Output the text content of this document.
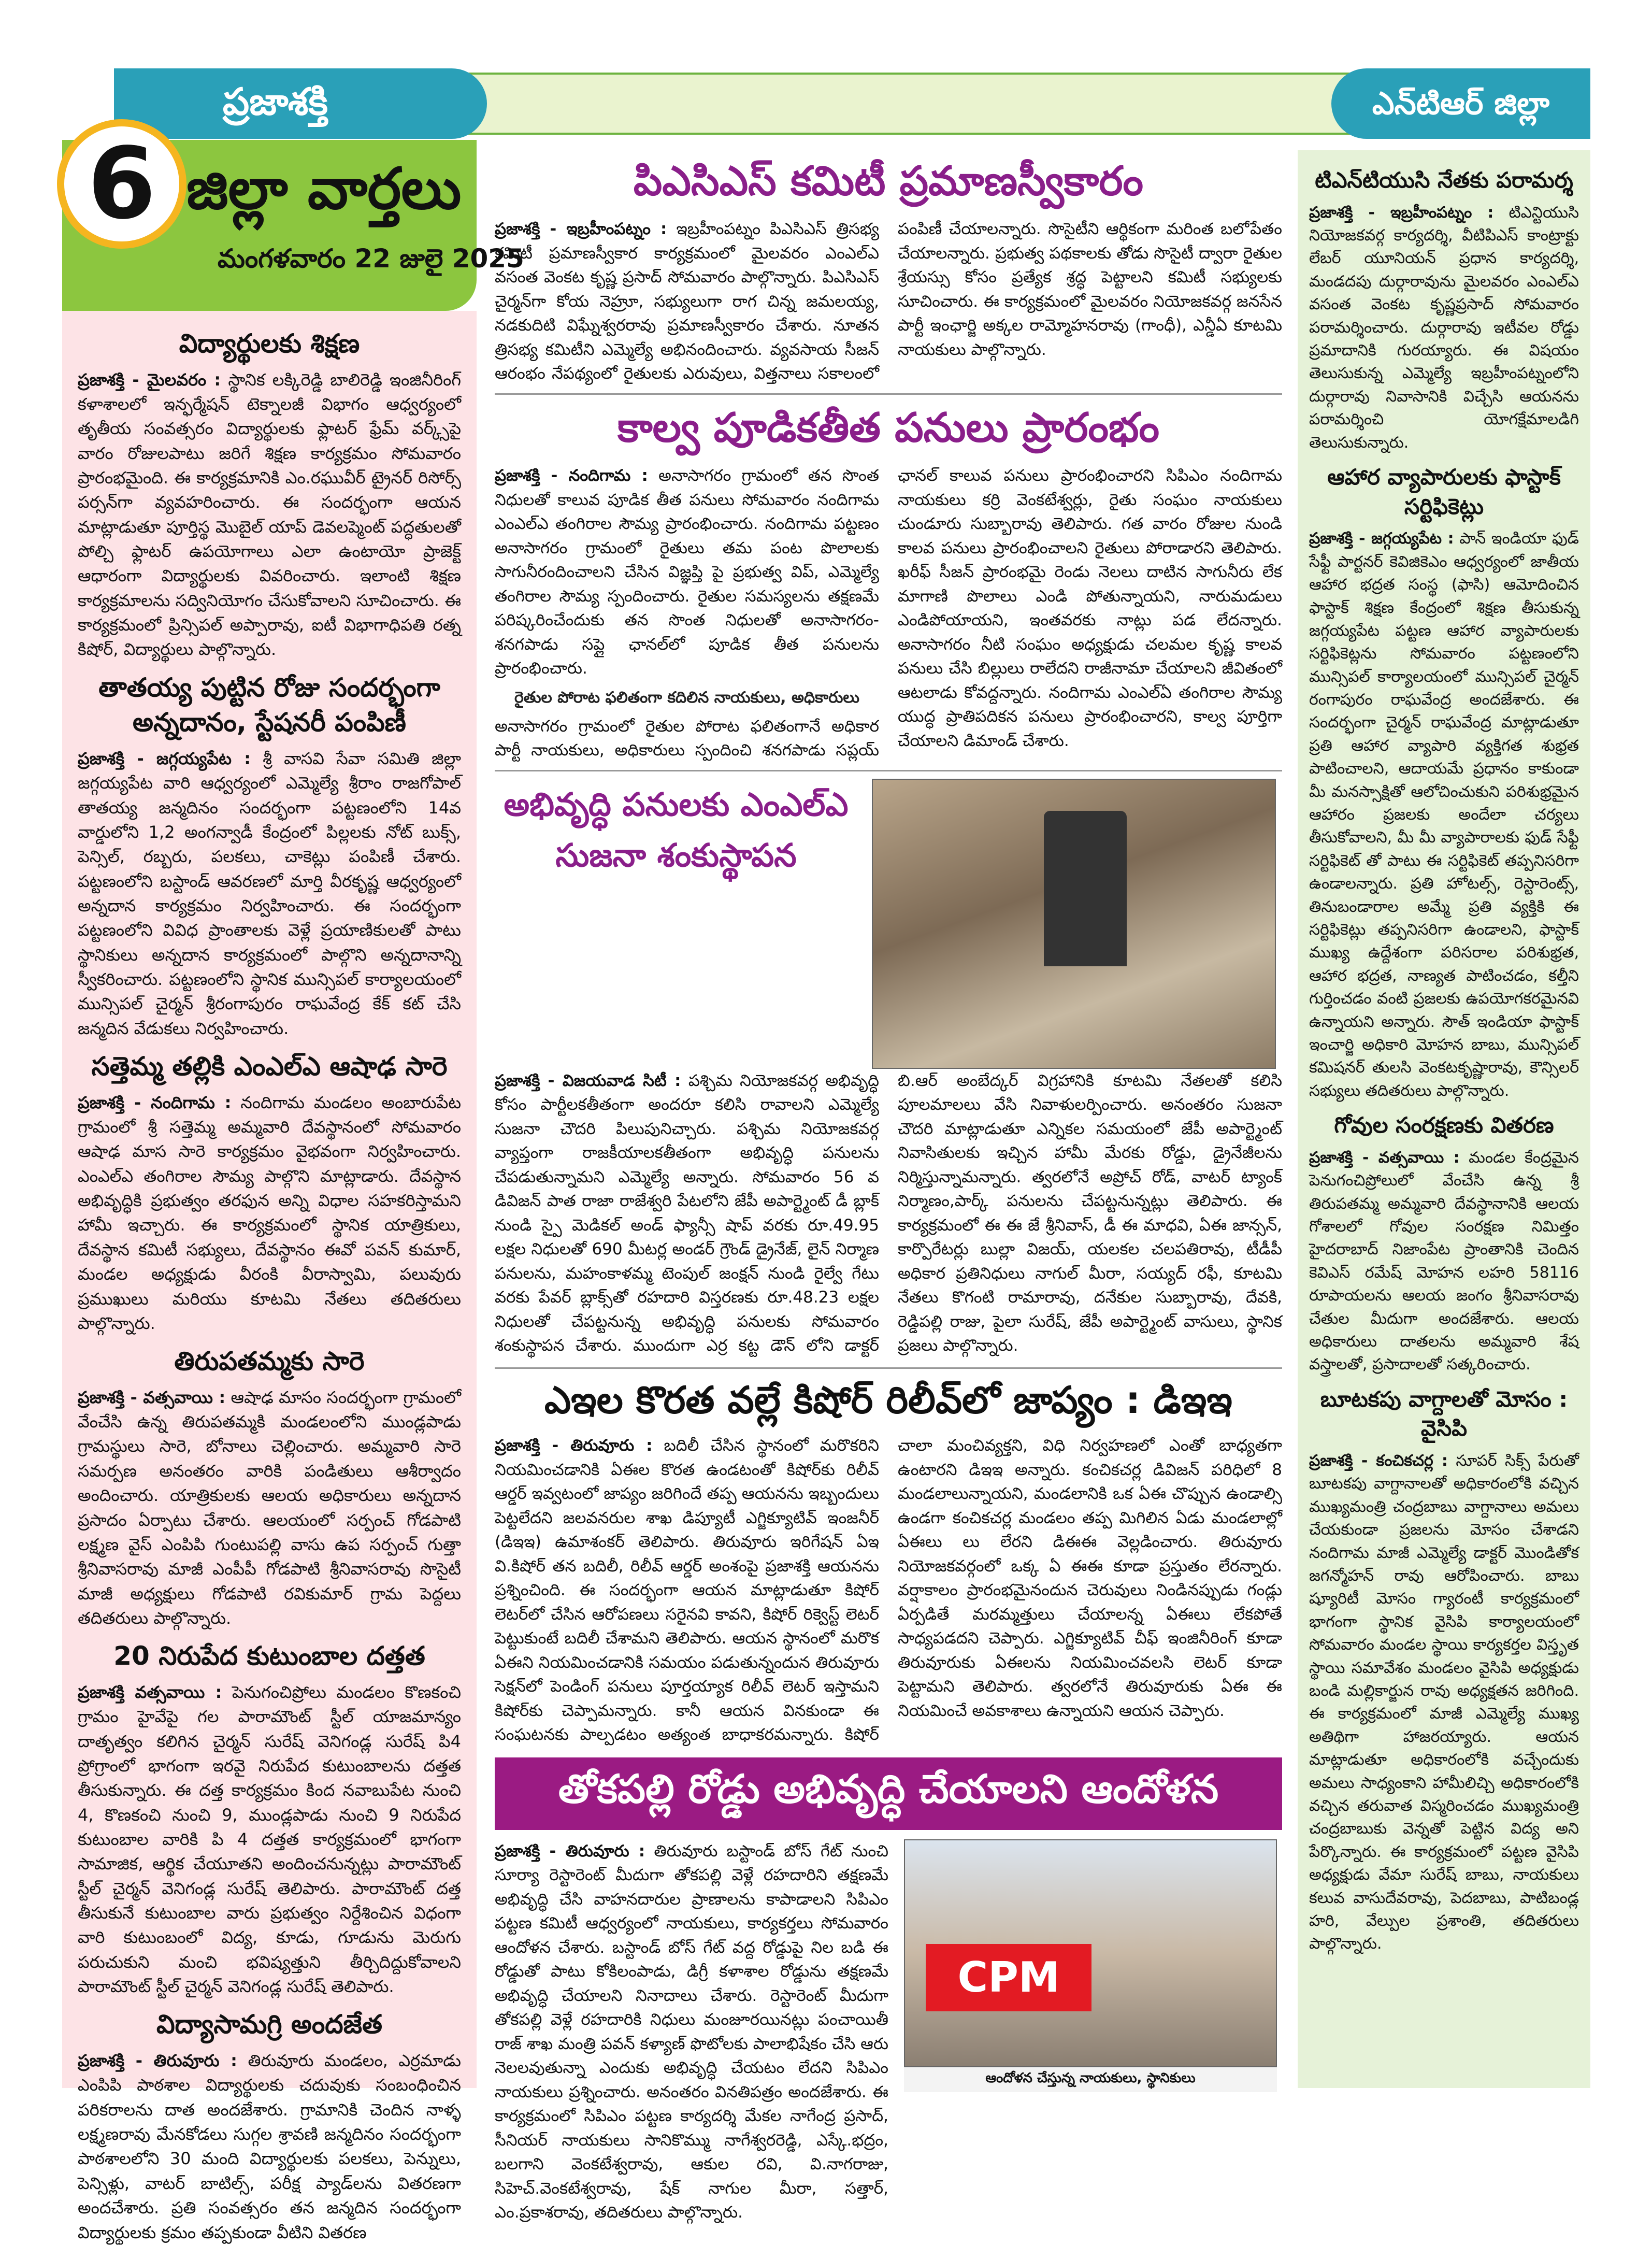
ప్రజాశక్తి	ఎన్‌టిఆర్ జిల్లా
6 జిల్లా వార్తలు
మంగళవారం 22 జులై 2025
విద్యార్థులకు శిక్షణ

ప్రజాశక్తి - మైలవరం : స్థానిక లక్కిరెడ్డి బాలిరెడ్డి ఇంజినీరింగ్ కళాశాలలో ఇన్ఫర్మేషన్ టెక్నాలజీ విభాగం ఆధ్వర్యంలో తృతీయ సంవత్సరం విద్యార్థులకు ఫ్లాటర్ ఫ్రేమ్ వర్క్స్‌పై వారం రోజులపాటు జరిగే శిక్షణ కార్యక్రమం సోమవారం ప్రారంభమైంది. ఈ కార్యక్రమానికి ఎం.రఘువీర్ ట్రైనర్ రిసోర్స్ పర్సన్‌గా వ్యవహరించారు. ఈ సందర్భంగా ఆయన మాట్లాడుతూ పూర్తిస్థ మొబైల్ యాప్ డెవలప్మెంట్ పద్ధతులతో పోల్చి ఫ్లాటర్ ఉపయోగాలు ఎలా ఉంటాయో ప్రాజెక్ట్ ఆధారంగా విద్యార్థులకు వివరించారు. ఇలాంటి శిక్షణ కార్యక్రమాలను సద్వినియోగం చేసుకోవాలని సూచించారు. ఈ కార్యక్రమంలో ప్రిన్సిపల్ అప్పారావు, ఐటీ విభాగాధిపతి రత్న కిషోర్, విద్యార్థులు పాల్గొన్నారు.

తాతయ్య పుట్టిన రోజు సందర్భంగా అన్నదానం, స్టేషనరీ పంపిణీ

ప్రజాశక్తి - జగ్గయ్యపేట : శ్రీ వాసవి సేవా సమితి జిల్లా జగ్గయ్యపేట వారి ఆధ్వర్యంలో ఎమ్మెల్యే శ్రీరాం రాజగోపాల్ తాతయ్య జన్మదినం సందర్భంగా పట్టణంలోని 14వ వార్డులోని 1,2 అంగన్వాడీ కేంద్రంలో పిల్లలకు నోట్ బుక్స్, పెన్సిల్, రబ్బరు, పలకలు, చాకెట్లు పంపిణీ చేశారు. పట్టణంలోని బస్టాండ్ ఆవరణలో మార్తి వీరకృష్ణ ఆధ్వర్యంలో అన్నదాన కార్యక్రమం నిర్వహించారు. ఈ సందర్భంగా పట్టణంలోని వివిధ ప్రాంతాలకు వెళ్లే ప్రయాణికులతో పాటు స్థానికులు అన్నదాన కార్యక్రమంలో పాల్గొని అన్నదానాన్ని స్వీకరించారు. పట్టణంలోని స్థానిక మున్సిపల్ కార్యాలయంలో మున్సిపల్ చైర్మన్ శ్రీరంగాపురం రాఘవేంద్ర కేక్ కట్ చేసి జన్మదిన వేడుకలు నిర్వహించారు.

సత్తెమ్మ తల్లికి ఎంఎల్ఎ ఆషాఢ సారె

ప్రజాశక్తి - నందిగామ : నందిగామ మండలం అంబారుపేట గ్రామంలో శ్రీ సత్తెమ్మ అమ్మవారి దేవస్థానంలో సోమవారం ఆషాఢ మాస సారె కార్యక్రమం వైభవంగా నిర్వహించారు. ఎంఎల్ఎ తంగిరాల సౌమ్య పాల్గొని మాట్లాడారు. దేవస్థాన అభివృద్ధికి ప్రభుత్వం తరఫున అన్ని విధాల సహకరిస్తామని హామీ ఇచ్చారు. ఈ కార్యక్రమంలో స్థానిక యాత్రికులు, దేవస్థాన కమిటీ సభ్యులు, దేవస్థానం ఈవో పవన్ కుమార్, మండల అధ్యక్షుడు వీరంకి వీరాస్వామి, పలువురు ప్రముఖులు మరియు కూటమి నేతలు తదితరులు పాల్గొన్నారు.

తిరుపతమ్మకు సారె

ప్రజాశక్తి - వత్సవాయి : ఆషాఢ మాసం సందర్భంగా గ్రామంలో వేంచేసి ఉన్న తిరుపతమ్మకి మండలంలోని ముండ్లపాడు గ్రామస్థులు సారె, బోనాలు చెల్లించారు. అమ్మవారి సారె సమర్పణ అనంతరం వారికి పండితులు ఆశీర్వాదం అందించారు. యాత్రికులకు ఆలయ అధికారులు అన్నదాన ప్రసాదం ఏర్పాటు చేశారు. ఆలయంలో సర్పంచ్ గోడపాటి లక్ష్మణ వైస్ ఎంపిపి గుంటుపల్లి వాసు ఉప సర్పంచ్ గుత్తా శ్రీనివాసరావు మాజీ ఎంపీపీ గోడపాటి శ్రీనివాసరావు సొసైటీ మాజీ అధ్యక్షులు గోడపాటి రవికుమార్ గ్రామ పెద్దలు తదితరులు పాల్గొన్నారు.

20 నిరుపేద కుటుంబాల దత్తత

ప్రజాశక్తి వత్సవాయి : పెనుగంచిప్రోలు మండలం కొణకంచి గ్రామం హైవేపై గల పారామౌంట్ స్టీల్ యాజమాన్యం దాతృత్వం కలిగిన చైర్మన్ సురేష్ వెనిగండ్ల సురేష్ పి4 ప్రోగ్రాంలో భాగంగా ఇరవై నిరుపేద కుటుంబాలను దత్తత తీసుకున్నారు. ఈ దత్త కార్యక్రమం కింద నవాబుపేట నుంచి 4, కొణకంచి నుంచి 9, ముండ్లపాడు నుంచి 9 నిరుపేద కుటుంబాల వారికి పి 4 దత్తత కార్యక్రమంలో భాగంగా సామాజిక, ఆర్థిక చేయూతని అందించనున్నట్లు పారామౌంట్ స్టీల్ చైర్మన్ వెనిగండ్ల సురేష్ తెలిపారు. పారామౌంట్ దత్త తీసుకునే కుటుంబాల వారు ప్రభుత్వం నిర్దేశించిన విధంగా వారి కుటుంబంలో విద్య, కూడు, గూడును మెరుగు పరుచుకుని మంచి భవిష్యత్తుని తీర్చిదిద్దుకోవాలని పారామౌంట్ స్టీల్ చైర్మన్ వెనిగండ్ల సురేష్ తెలిపారు.

విద్యాసామగ్రి అందజేత

ప్రజాశక్తి - తిరువూరు : తిరువూరు మండలం, ఎర్రమాడు ఎంపిపి పాఠశాల విద్యార్థులకు చదువుకు సంబంధించిన పరికరాలను దాత అందజేశారు. గ్రామానికి చెందిన నాళ్ళ లక్ష్మణరావు మేనకోడలు సుగ్గల శ్రావణి జన్మదినం సందర్భంగా పాఠశాలలోని 30 మంది విద్యార్థులకు పలకలు, పెన్నులు, పెన్సిళ్లు, వాటర్ బాటిల్స్, పరీక్ష ప్యాడ్‌లను వితరణగా అందచేశారు. ప్రతి సంవత్సరం తన జన్మదిన సందర్భంగా విద్యార్థులకు క్రమం తప్పకుండా వీటిని వితరణ

పిఎసిఎస్ కమిటీ ప్రమాణస్వీకారం

ప్రజాశక్తి - ఇబ్రహీంపట్నం : ఇబ్రహీంపట్నం పిఎసిఎస్ త్రిసభ్య కమిటీ ప్రమాణస్వీకార కార్యక్రమంలో మైలవరం ఎంఎల్ఎ వసంత వెంకట కృష్ణ ప్రసాద్ సోమవారం పాల్గొన్నారు. పిఎసిఎస్ చైర్మన్‌గా కోయ నెహ్రూ, సభ్యులుగా రాగ చిన్న జమలయ్య, నడకుదిటి విఘ్నేశ్వరరావు ప్రమాణస్వీకారం చేశారు. నూతన త్రిసభ్య కమిటీని ఎమ్మెల్యే అభినందించారు. వ్యవసాయ సీజన్ ఆరంభం నేపథ్యంలో రైతులకు ఎరువులు, విత్తనాలు సకాలంలో పంపిణీ చేయాలన్నారు. సొసైటీని ఆర్థికంగా మరింత బలోపేతం చేయాలన్నారు. ప్రభుత్వ పథకాలకు తోడు సొసైటీ ద్వారా రైతుల శ్రేయస్సు కోసం ప్రత్యేక శ్రద్ధ పెట్టాలని కమిటీ సభ్యులకు సూచించారు. ఈ కార్యక్రమంలో మైలవరం నియోజకవర్గ జనసేన పార్టీ ఇంఛార్జి అక్కల రామ్మోహనరావు (గాంధీ), ఎన్డీఏ కూటమి నాయకులు పాల్గొన్నారు.

కాల్వ పూడికతీత పనులు ప్రారంభం

ప్రజాశక్తి - నందిగామ : అనాసాగరం గ్రామంలో తన సొంత నిధులతో కాలువ పూడిక తీత పనులు సోమవారం నందిగామ ఎంఎల్ఎ తంగిరాల సౌమ్య ప్రారంభించారు. నందిగామ పట్టణం అనాసాగరం గ్రామంలో రైతులు తమ పంట పొలాలకు సాగునీరందించాలని చేసిన విజ్ఞప్తి పై ప్రభుత్వ విప్, ఎమ్మెల్యే తంగిరాల సౌమ్య స్పందించారు. రైతుల సమస్యలను తక్షణమే పరిష్కరించేందుకు తన సొంత నిధులతో అనాసాగరం-శనగపాడు సప్లై ఛానల్‌లో పూడిక తీత పనులను ప్రారంభించారు.

రైతుల పోరాట ఫలితంగా కదిలిన నాయకులు, అధికారులు

అనాసాగరం గ్రామంలో రైతుల పోరాట ఫలితంగానే అధికార పార్టీ నాయకులు, అధికారులు స్పందించి శనగపాడు సప్లయ్ ఛానల్ కాలువ పనులు ప్రారంభించారని సిపిఎం నందిగామ నాయకులు కర్రి వెంకటేశ్వర్లు, రైతు సంఘం నాయకులు చుండూరు సుబ్బారావు తెలిపారు. గత వారం రోజుల నుండి కాలవ పనులు ప్రారంభించాలని రైతులు పోరాడారని తెలిపారు. ఖరీఫ్ సీజన్ ప్రారంభమై రెండు నెలలు దాటిన సాగునీరు లేక మాగాణి పొలాలు ఎండి పోతున్నాయని, నారుమడులు ఎండిపోయాయని, ఇంతవరకు నాట్లు పడ లేదన్నారు. అనాసాగరం నీటి సంఘం అధ్యక్షుడు చలమల కృష్ణ కాలవ పనులు చేసి బిల్లులు రాలేదని రాజీనామా చేయాలని జీవితంలో ఆటలాడు కోవద్దన్నారు. నందిగామ ఎంఎల్ఏ తంగిరాల సౌమ్య యుద్ధ ప్రాతిపదికన పనులు ప్రారంభించారని, కాల్వ పూర్తిగా చేయాలని డిమాండ్ చేశారు.

అభివృద్ధి పనులకు ఎంఎల్ఎ
సుజనా శంకుస్థాపన

ప్రజాశక్తి - విజయవాడ సిటీ : పశ్చిమ నియోజకవర్గ అభివృద్ధి కోసం పార్టీలకతీతంగా అందరూ కలిసి రావాలని ఎమ్మెల్యే సుజనా చౌదరి పిలుపునిచ్చారు. పశ్చిమ నియోజకవర్గ వ్యాప్తంగా రాజకీయాలకతీతంగా అభివృద్ధి పనులను చేపడుతున్నామని ఎమ్మెల్యే అన్నారు. సోమవారం 56 వ డివిజన్ పాత రాజా రాజేశ్వరి పేటలోని జేపీ అపార్ట్మెంట్ డీ బ్లాక్ నుండి స్పై మెడికల్ అండ్ ఫ్యాన్సీ షాప్ వరకు రూ.49.95 లక్షల నిధులతో 690 మీటర్ల అండర్ గ్రౌండ్ డ్రైనేజ్, లైన్ నిర్మాణ పనులను, మహంకాళమ్మ టెంపుల్ జంక్షన్ నుండి రైల్వే గేటు వరకు పేవర్ బ్లాక్స్‌తో రహదారి విస్తరణకు రూ.48.23 లక్షల నిధులతో చేపట్టనున్న అభివృద్ధి పనులకు సోమవారం శంకుస్థాపన చేశారు. ముందుగా ఎర్ర కట్ట డౌన్ లోని డాక్టర్ బి.ఆర్ అంబేద్కర్ విగ్రహానికి కూటమి నేతలతో కలిసి పూలమాలలు వేసి నివాళులర్పించారు. అనంతరం సుజనా చౌదరి మాట్లాడుతూ ఎన్నికల సమయంలో జేపీ అపార్ట్మెంట్ నివాసితులకు ఇచ్చిన హామీ మేరకు రోడ్డు, డ్రైనేజీలను నిర్మిస్తున్నామన్నారు. త్వరలోనే అప్రోచ్ రోడ్, వాటర్ ట్యాంక్ నిర్మాణం,పార్క్ పనులను చేపట్టనున్నట్లు తెలిపారు. ఈ కార్యక్రమంలో ఈ ఈ జే శ్రీనివాస్, డీ ఈ మాధవి, ఏఈ జాన్సన్, కార్పొరేటర్లు బుల్లా విజయ్, యలకల చలపతిరావు, టీడీపీ అధికార ప్రతినిధులు నాగుల్ మీరా, సయ్యద్ రఫీ, కూటమి నేతలు కొగంటి రామారావు, దనేకుల సుబ్బారావు, దేవకి, రెడ్డిపల్లి రాజు, పైలా సురేష్, జేపీ అపార్ట్మెంట్ వాసులు, స్థానిక ప్రజలు పాల్గొన్నారు.

ఎఇల కొరత వల్లే కిషోర్ రిలీవ్‌లో జాప్యం : డిఇఇ

ప్రజాశక్తి - తిరువూరు : బదిలీ చేసిన స్థానంలో మరొకరిని నియమించడానికి ఏఈల కొరత ఉండటంతో కిషోర్‌కు రిలీవ్ ఆర్డర్ ఇవ్వటంలో జాప్యం జరిగిందే తప్ప ఆయనను ఇబ్బందులు పెట్టలేదని జలవనరుల శాఖ డిప్యూటీ ఎగ్జిక్యూటివ్ ఇంజనీర్ (డిఇఇ) ఉమాశంకర్ తెలిపారు. తిరువూరు ఇరిగేషన్ ఏఇ వి.కిషోర్ తన బదిలీ, రిలీవ్ ఆర్డర్ అంశంపై ప్రజాశక్తి ఆయనను ప్రశ్నించింది. ఈ సందర్భంగా ఆయన మాట్లాడుతూ కిషోర్ లెటర్‌లో చేసిన ఆరోపణలు సరైనవి కావని, కిషోర్ రిక్వెస్ట్ లెటర్ పెట్టుకుంటే బదిలీ చేశామని తెలిపారు. ఆయన స్థానంలో మరొక ఏఈని నియమించడానికి సమయం పడుతున్నందున తిరువూరు సెక్షన్‌లో పెండింగ్ పనులు పూర్తయ్యాక రిలీవ్ లెటర్ ఇస్తామని కిషోర్‌కు చెప్పామన్నారు. కానీ ఆయన వినకుండా ఈ సంఘటనకు పాల్పడటం అత్యంత బాధాకరమన్నారు. కిషోర్ చాలా మంచివ్యక్తని, విధి నిర్వహణలో ఎంతో బాధ్యతగా ఉంటారని డిఇఇ అన్నారు. కంచికచర్ల డివిజన్ పరిధిలో 8 మండలాలున్నాయని, మండలానికి ఒక ఏఈ చొప్పున ఉండాల్సి ఉండగా కంచికచర్ల మండలం తప్ప మిగిలిన ఏడు మండలాల్లో ఏఈలు లు లేరని డిఈఈ వెల్లడించారు. తిరువూరు నియోజకవర్గంలో ఒక్క ఏ ఈఈ కూడా ప్రస్తుతం లేరన్నారు. వర్షాకాలం ప్రారంభమైనందున చెరువులు నిండినప్పుడు గండ్లు ఏర్పడితే మరమ్మత్తులు చేయాలన్న ఏఈలు లేకపోతే సాధ్యపడదని చెప్పారు. ఎగ్జిక్యూటివ్ చీఫ్ ఇంజినీరింగ్ కూడా తిరువూరుకు ఏఈలను నియమించవలసి లెటర్ కూడా పెట్టామని తెలిపారు. త్వరలోనే తిరువూరుకు ఏఈ ఈ నియమించే అవకాశాలు ఉన్నాయని ఆయన చెప్పారు.

తోకపల్లి రోడ్డు అభివృద్ధి చేయాలని ఆందోళన
ప్రజాశక్తి - తిరువూరు : తిరువూరు బస్టాండ్ బోస్ గేట్ నుంచి సూర్యా రెస్టారెంట్ మీదుగా తోకపల్లి వెళ్లే రహదారిని తక్షణమే అభివృద్ధి చేసి వాహనదారుల ప్రాణాలను కాపాడాలని సిపిఎం పట్టణ కమిటీ ఆధ్వర్యంలో నాయకులు, కార్యకర్తలు సోమవారం ఆందోళన చేశారు. బస్టాండ్ బోస్ గేట్ వద్ద రోడ్డుపై నిల బడి ఈ రోడ్డుతో పాటు కోకిలంపాడు, డిగ్రీ కళాశాల రోడ్డును తక్షణమే అభివృద్ధి చేయాలని నినాదాలు చేశారు. రెస్టారెంట్ మీదుగా తోకపల్లి వెళ్లే రహదారికి నిధులు మంజూరయినట్లు పంచాయితీ రాజ్ శాఖ మంత్రి పవన్ కళ్యాణ్ ఫొటోలకు పాలాభిషేకం చేసి ఆరు నెలలవుతున్నా ఎందుకు అభివృద్ధి చేయటం లేదని సిపిఎం నాయకులు ప్రశ్నించారు. అనంతరం వినతిపత్రం అందజేశారు. ఈ కార్యక్రమంలో సిపిఎం పట్టణ కార్యదర్శి మేకల నాగేంద్ర ప్రసాద్, సీనియర్ నాయకులు సానికొమ్ము నాగేశ్వరరెడ్డి, ఎస్కే.భద్రం, బలగాని వెంకటేశ్వరావు, ఆకుల రవి, వి.నాగరాజు, సిహెచ్.వెంకటేశ్వరావు, షేక్ నాగుల మీరా, సత్తార్, ఎం.ప్రకాశరావు, తదితరులు పాల్గొన్నారు.
CPM
ఆందోళన చేస్తున్న నాయకులు, స్థానికులు
టిఎన్‌టియుసి నేతకు పరామర్శ

ప్రజాశక్తి - ఇబ్రహీంపట్నం : టిఎన్టియుసి నియోజకవర్గ కార్యదర్శి, వీటిపిఎస్ కాంట్రాక్టు లేబర్ యూనియన్ ప్రధాన కార్యదర్శి, మండదపు దుర్గారావును మైలవరం ఎంఎల్ఎ వసంత వెంకట కృష్ణప్రసాద్ సోమవారం పరామర్శించారు. దుర్గారావు ఇటీవల రోడ్డు ప్రమాదానికి గురయ్యారు. ఈ విషయం తెలుసుకున్న ఎమ్మెల్యే ఇబ్రహీంపట్నంలోని దుర్గారావు నివాసానికి విచ్చేసి ఆయనను పరామర్శించి యోగక్షేమాలడిగి తెలుసుకున్నారు.

ఆహార వ్యాపారులకు ఫాస్టాక్ సర్టిఫికెట్లు

ప్రజాశక్తి - జగ్గయ్యపేట : పాన్ ఇండియా ఫుడ్ సేఫ్టీ పార్టనర్ కెవిజికెఎం ఆధ్వర్యంలో జాతీయ ఆహార భద్రత సంస్థ (ఫాసి) ఆమోదించిన ఫాస్టాక్ శిక్షణ కేంద్రంలో శిక్షణ తీసుకున్న జగ్గయ్యపేట పట్టణ ఆహార వ్యాపారులకు సర్టిఫికెట్లను సోమవారం పట్టణంలోని మున్సిపల్ కార్యాలయంలో మున్సిపల్ చైర్మన్ రంగాపురం రాఘవేంద్ర అందజేశారు. ఈ సందర్భంగా చైర్మన్ రాఘవేంద్ర మాట్లాడుతూ ప్రతి ఆహార వ్యాపారి వ్యక్తిగత శుభ్రత పాటించాలని, ఆదాయమే ప్రధానం కాకుండా మీ మనస్సాక్షితో ఆలోచించుకుని పరిశుభ్రమైన ఆహారం ప్రజలకు అందేలా చర్యలు తీసుకోవాలని, మీ మీ వ్యాపారాలకు ఫుడ్ సేఫ్టీ సర్టిఫికెట్ తో పాటు ఈ సర్టిఫికెట్ తప్పనిసరిగా ఉండాలన్నారు. ప్రతి హోటల్స్, రెస్టారెంట్స్, తినుబండారాల అమ్మే ప్రతి వ్యక్తికి ఈ సర్టిఫికెట్లు తప్పనిసరిగా ఉండాలని, ఫాస్టాక్ ముఖ్య ఉద్దేశంగా పరిసరాల పరిశుభ్రత, ఆహార భద్రత, నాణ్యత పాటించడం, కల్తీని గుర్తించడం వంటి ప్రజలకు ఉపయోగకరమైనవి ఉన్నాయని అన్నారు. సౌత్ ఇండియా ఫాస్టాక్ ఇంచార్జి అధికారి మోహన బాబు, మున్సిపల్ కమిషనర్ తులసి వెంకటకృష్ణారావు, కౌన్సిలర్ సభ్యులు తదితరులు పాల్గొన్నారు.

గోవుల సంరక్షణకు వితరణ

ప్రజాశక్తి - వత్సవాయి : మండల కేంద్రమైన పెనుగంచిప్రోలులో వేంచేసి ఉన్న శ్రీ తిరుపతమ్మ అమ్మవారి దేవస్థానానికి ఆలయ గోశాలలో గోవుల సంరక్షణ నిమిత్తం హైదరాబాద్ నిజాంపేట ప్రాంతానికి చెందిన కెవిఎస్ రమేష్ మోహన లహరి 58116 రూపాయలను ఆలయ జంగం శ్రీనివాసరావు చేతుల మీదుగా అందజేశారు. ఆలయ అధికారులు దాతలను అమ్మవారి శేష వస్త్రాలతో, ప్రసాదాలతో సత్కరించారు.

బూటకపు వాగ్దాలతో మోసం : వైసిపి

ప్రజాశక్తి - కంచికచర్ల : సూపర్ సిక్స్ పేరుతో బూటకపు వాగ్దానాలతో అధికారంలోకి వచ్చిన ముఖ్యమంత్రి చంద్రబాబు వాగ్దానాలు అమలు చేయకుండా ప్రజలను మోసం చేశాడని నందిగామ మాజీ ఎమ్మెల్యే డాక్టర్ మొండితోక జగన్మోహన్ రావు ఆరోపించారు. బాబు ష్యూరిటీ మోసం గ్యారంటీ కార్యక్రమంలో భాగంగా స్థానిక వైసిపి కార్యాలయంలో సోమవారం మండల స్థాయి కార్యకర్తల విస్తృత స్థాయి సమావేశం మండలం వైసిపి అధ్యక్షుడు బండి మల్లికార్జున రావు అధ్యక్షతన జరిగింది. ఈ కార్యక్రమంలో మాజీ ఎమ్మెల్యే ముఖ్య అతిథిగా హాజరయ్యారు. ఆయన మాట్లాడుతూ అధికారంలోకి వచ్చేందుకు అమలు సాధ్యంకాని హామీలిచ్చి అధికారంలోకి వచ్చిన తరువాత విస్మరించడం ముఖ్యమంత్రి చంద్రబాబుకు వెన్నతో పెట్టిన విద్య అని పేర్కొన్నారు. ఈ కార్యక్రమంలో పట్టణ వైసిపి అధ్యక్షుడు వేమా సురేష్ బాబు, నాయకులు కలువ వాసుదేవరావు, పెదబాబు, పాటిబండ్ల హరి, వేల్పుల ప్రశాంతి, తదితరులు పాల్గొన్నారు.
